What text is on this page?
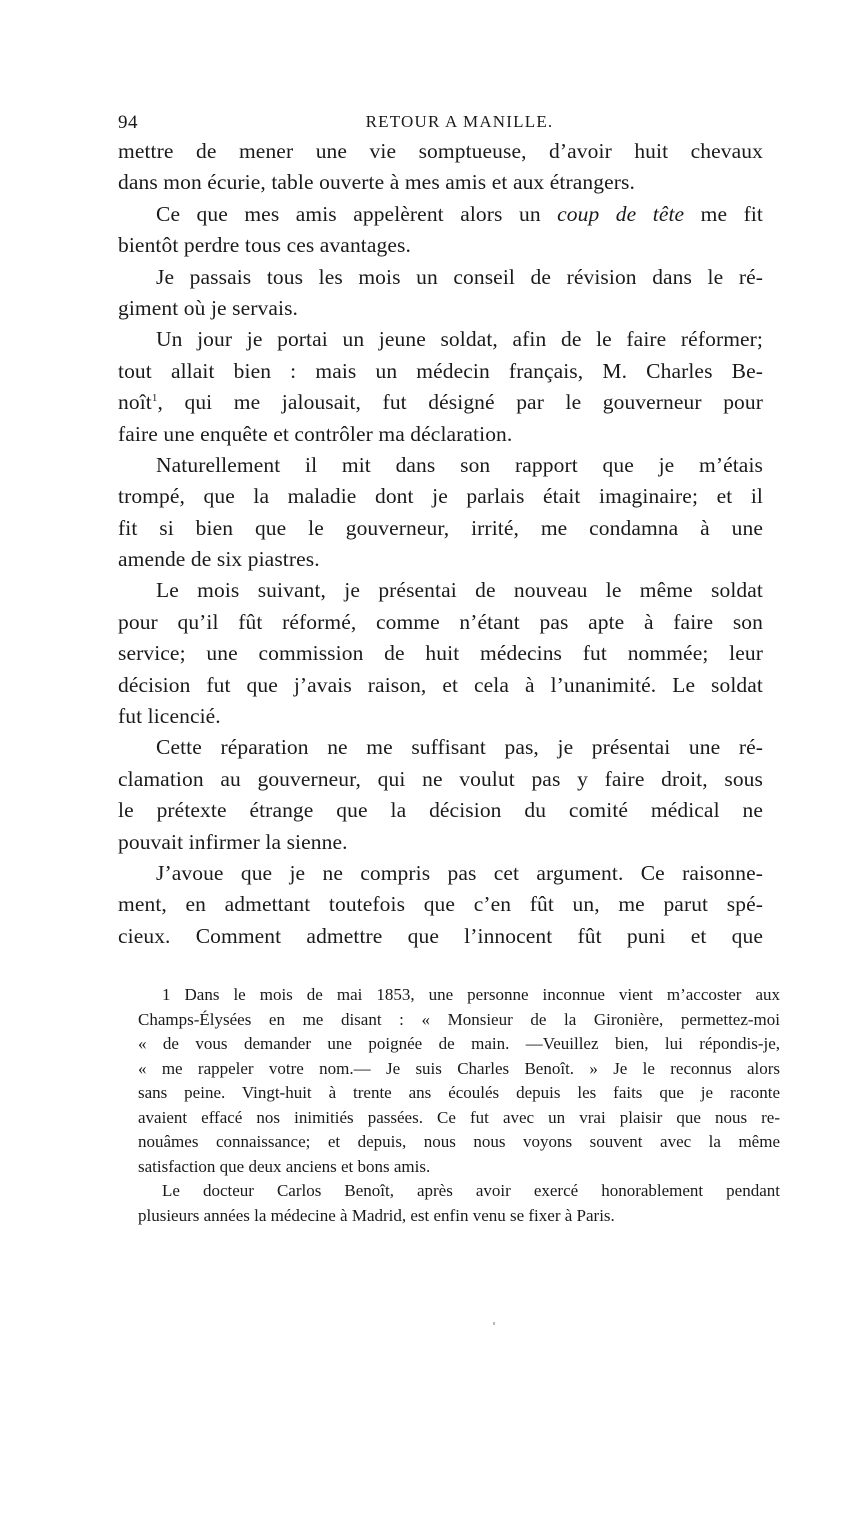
94	RETOUR A MANILLE.
mettre de mener une vie somptueuse, d’avoir huit chevaux
dans mon écurie, table ouverte à mes amis et aux étrangers.
Ce que mes amis appelèrent alors un coup de tête me fit
bientôt perdre tous ces avantages.
Je passais tous les mois un conseil de révision dans le ré-
giment où je servais.
Un jour je portai un jeune soldat, afin de le faire réformer;
tout allait bien : mais un médecin français, M. Charles Be-
noît$^1$, qui me jalousait, fut désigné par le gouverneur pour
faire une enquête et contrôler ma déclaration.
Naturellement il mit dans son rapport que je m’étais
trompé, que la maladie dont je parlais était imaginaire; et il
fit si bien que le gouverneur, irrité, me condamna à une
amende de six piastres.
Le mois suivant, je présentai de nouveau le même soldat
pour qu’il fût réformé, comme n’étant pas apte à faire son
service; une commission de huit médecins fut nommée; leur
décision fut que j’avais raison, et cela à l’unanimité. Le soldat
fut licencié.
Cette réparation ne me suffisant pas, je présentai une ré-
clamation au gouverneur, qui ne voulut pas y faire droit, sous
le prétexte étrange que la décision du comité médical ne
pouvait infirmer la sienne.
J’avoue que je ne compris pas cet argument. Ce raisonne-
ment, en admettant toutefois que c’en fût un, me parut spé-
cieux. Comment admettre que l’innocent fût puni et que
1 Dans le mois de mai 1853, une personne inconnue vient m’accoster aux
Champs-Élysées en me disant : « Monsieur de la Gironière, permettez-moi
« de vous demander une poignée de main. —Veuillez bien, lui répondis-je,
« me rappeler votre nom.— Je suis Charles Benoît. » Je le reconnus alors
sans peine. Vingt-huit à trente ans écoulés depuis les faits que je raconte
avaient effacé nos inimitiés passées. Ce fut avec un vrai plaisir que nous re-
nouâmes connaissance; et depuis, nous nous voyons souvent avec la même
satisfaction que deux anciens et bons amis.
Le docteur Carlos Benoît, après avoir exercé honorablement pendant
plusieurs années la médecine à Madrid, est enfin venu se fixer à Paris.
